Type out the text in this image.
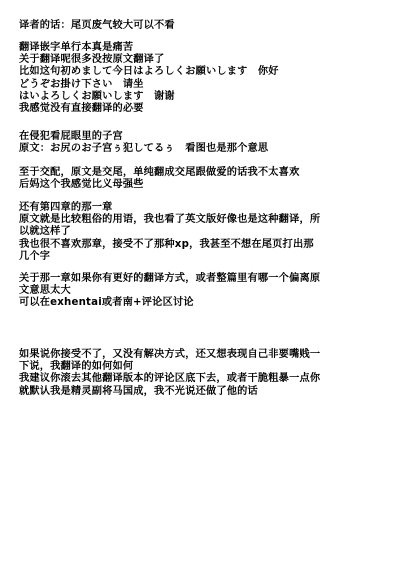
译者的话：尾页废气较大可以不看
翻译嵌字单行本真是痛苦
关于翻译呢很多没按原文翻译了
比如这句初めまして今日はよろしくお願いします　你好
どうぞお掛け下さい　请坐
はいよろしくお願いします　谢谢
我感觉没有直接翻译的必要
在侵犯看屁眼里的子宫
原文：お尻のお子宫ぅ犯してるぅ　看图也是那个意思
至于交配，原文是交尾，单纯翻成交尾跟做爱的话我不太喜欢
后妈这个我感觉比义母强些
还有第四章的那一章
原文就是比较粗俗的用语，我也看了英文版好像也是这种翻译，所
以就这样了
我也很不喜欢那章，接受不了那种xp，我甚至不想在尾页打出那
几个字
关于那一章如果你有更好的翻译方式，或者整篇里有哪一个偏离原
文意思太大
可以在exhentai或者南+评论区讨论
如果说你接受不了，又没有解决方式，还又想表现自己非要嘴贱一
下说，我翻译的如何如何
我建议你滚去其他翻译版本的评论区底下去，或者干脆粗暴一点你
就默认我是精灵副将马国成，我不光说还做了他的话
